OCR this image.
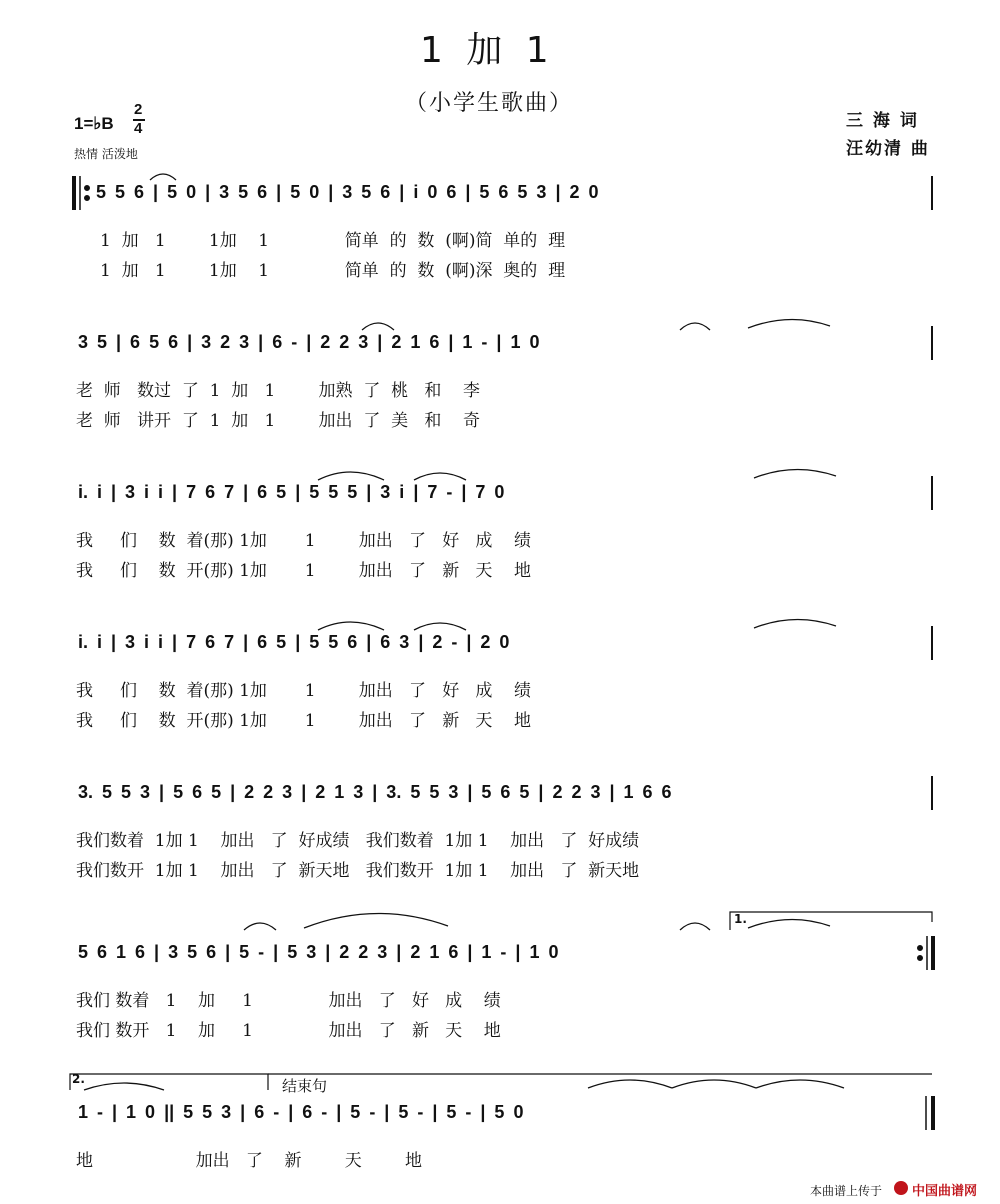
1 加 1
（小学生歌曲）
1=♭B
2
4
热情 活泼地
三 海 词
汪幼清 曲
5 5 6 | 5 0 | 3 5 6 | 5 0 | 3 5 6 | i 0 6 | 5 6 5 3 | 2 0
1  加   1        1加    1              简单  的  数  (啊)简  单的  理
1  加   1        1加    1              简单  的  数  (啊)深  奥的  理
3 5 | 6 5 6 | 3 2 3 | 6 - | 2 2 3 | 2 1 6 | 1 - | 1 0
老  师   数过  了  1  加   1        加熟  了  桃   和    李
老  师   讲开  了  1  加   1        加出  了  美   和    奇
i. i | 3 i i | 7 6 7 | 6 5 | 5 5 5 | 3 i | 7 - | 7 0
我     们    数  着(那) 1加       1        加出   了   好   成    绩
我     们    数  开(那) 1加       1        加出   了   新   天    地
i. i | 3 i i | 7 6 7 | 6 5 | 5 5 6 | 6 3 | 2 - | 2 0
我     们    数  着(那) 1加       1        加出   了   好   成    绩
我     们    数  开(那) 1加       1        加出   了   新   天    地
3. 5 5 3 | 5 6 5 | 2 2 3 | 2 1 3 | 3. 5 5 3 | 5 6 5 | 2 2 3 | 1 6 6
我们数着  1加 1    加出   了  好成绩   我们数着  1加 1    加出   了  好成绩
我们数开  1加 1    加出   了  新天地   我们数开  1加 1    加出   了  新天地
1.
5 6 1 6 | 3 5 6 | 5 - | 5 3 | 2 2 3 | 2 1 6 | 1 - | 1 0
我们 数着   1    加     1              加出   了   好   成    绩
我们 数开   1    加     1              加出   了   新   天    地
2.	结束句
1 - | 1 0 || 5 5 3 | 6 - | 6 - | 5 - | 5 - | 5 - | 5 0
地                   加出   了    新        天        地
本曲谱上传于 中国曲谱网
